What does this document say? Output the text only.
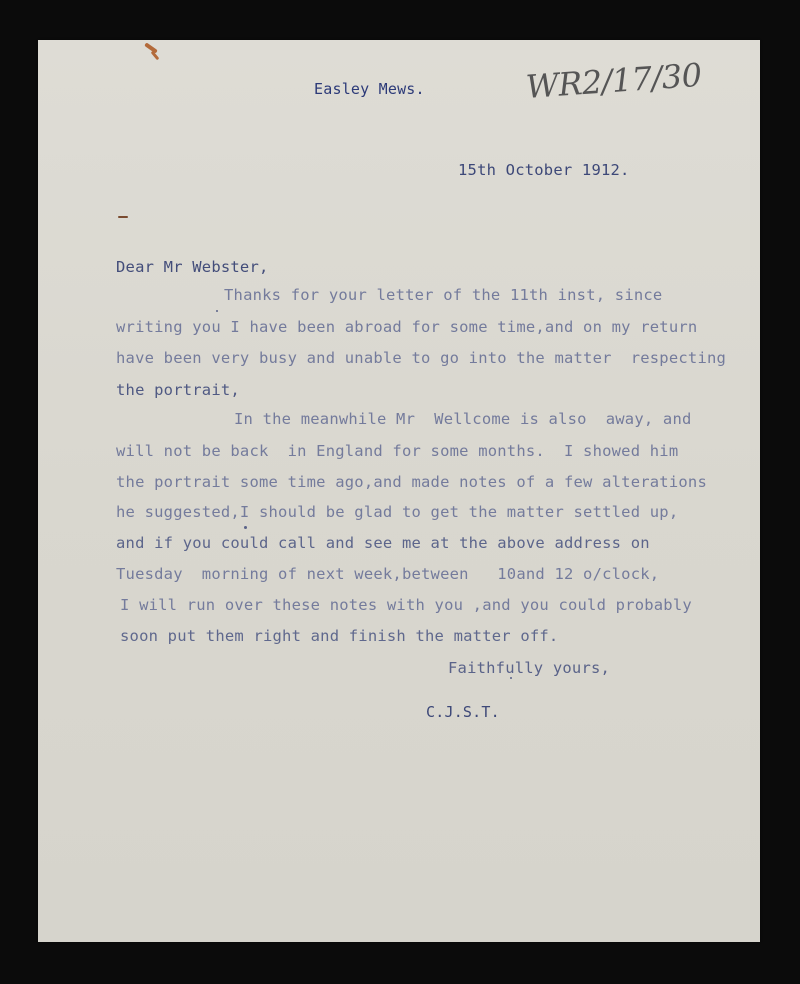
Easley Mews.	WR2/17/30
15th October 1912.
Dear Mr Webster,
Thanks for your letter of the 11th inst, since
writing you I have been abroad for some time,and on my return
have been very busy and unable to go into the matter  respecting
the portrait,
In the meanwhile Mr  Wellcome is also  away, and
will not be back  in England for some months.  I showed him
the portrait some time ago,and made notes of a few alterations
he suggested,I should be glad to get the matter settled up,
and if you could call and see me at the above address on
Tuesday  morning of next week,between   10and 12 o/clock,
I will run over these notes with you ,and you could probably
soon put them right and finish the matter off.
Faithfully yours,
C.J.S.T.
